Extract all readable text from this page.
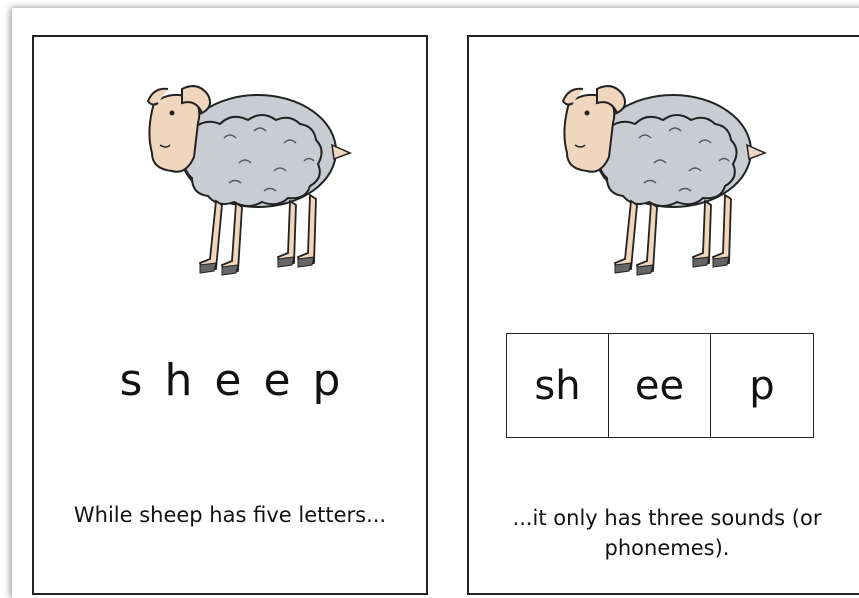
s h e e p
While sheep has five letters...
sh	ee	p
...it only has three sounds (or phonemes).
